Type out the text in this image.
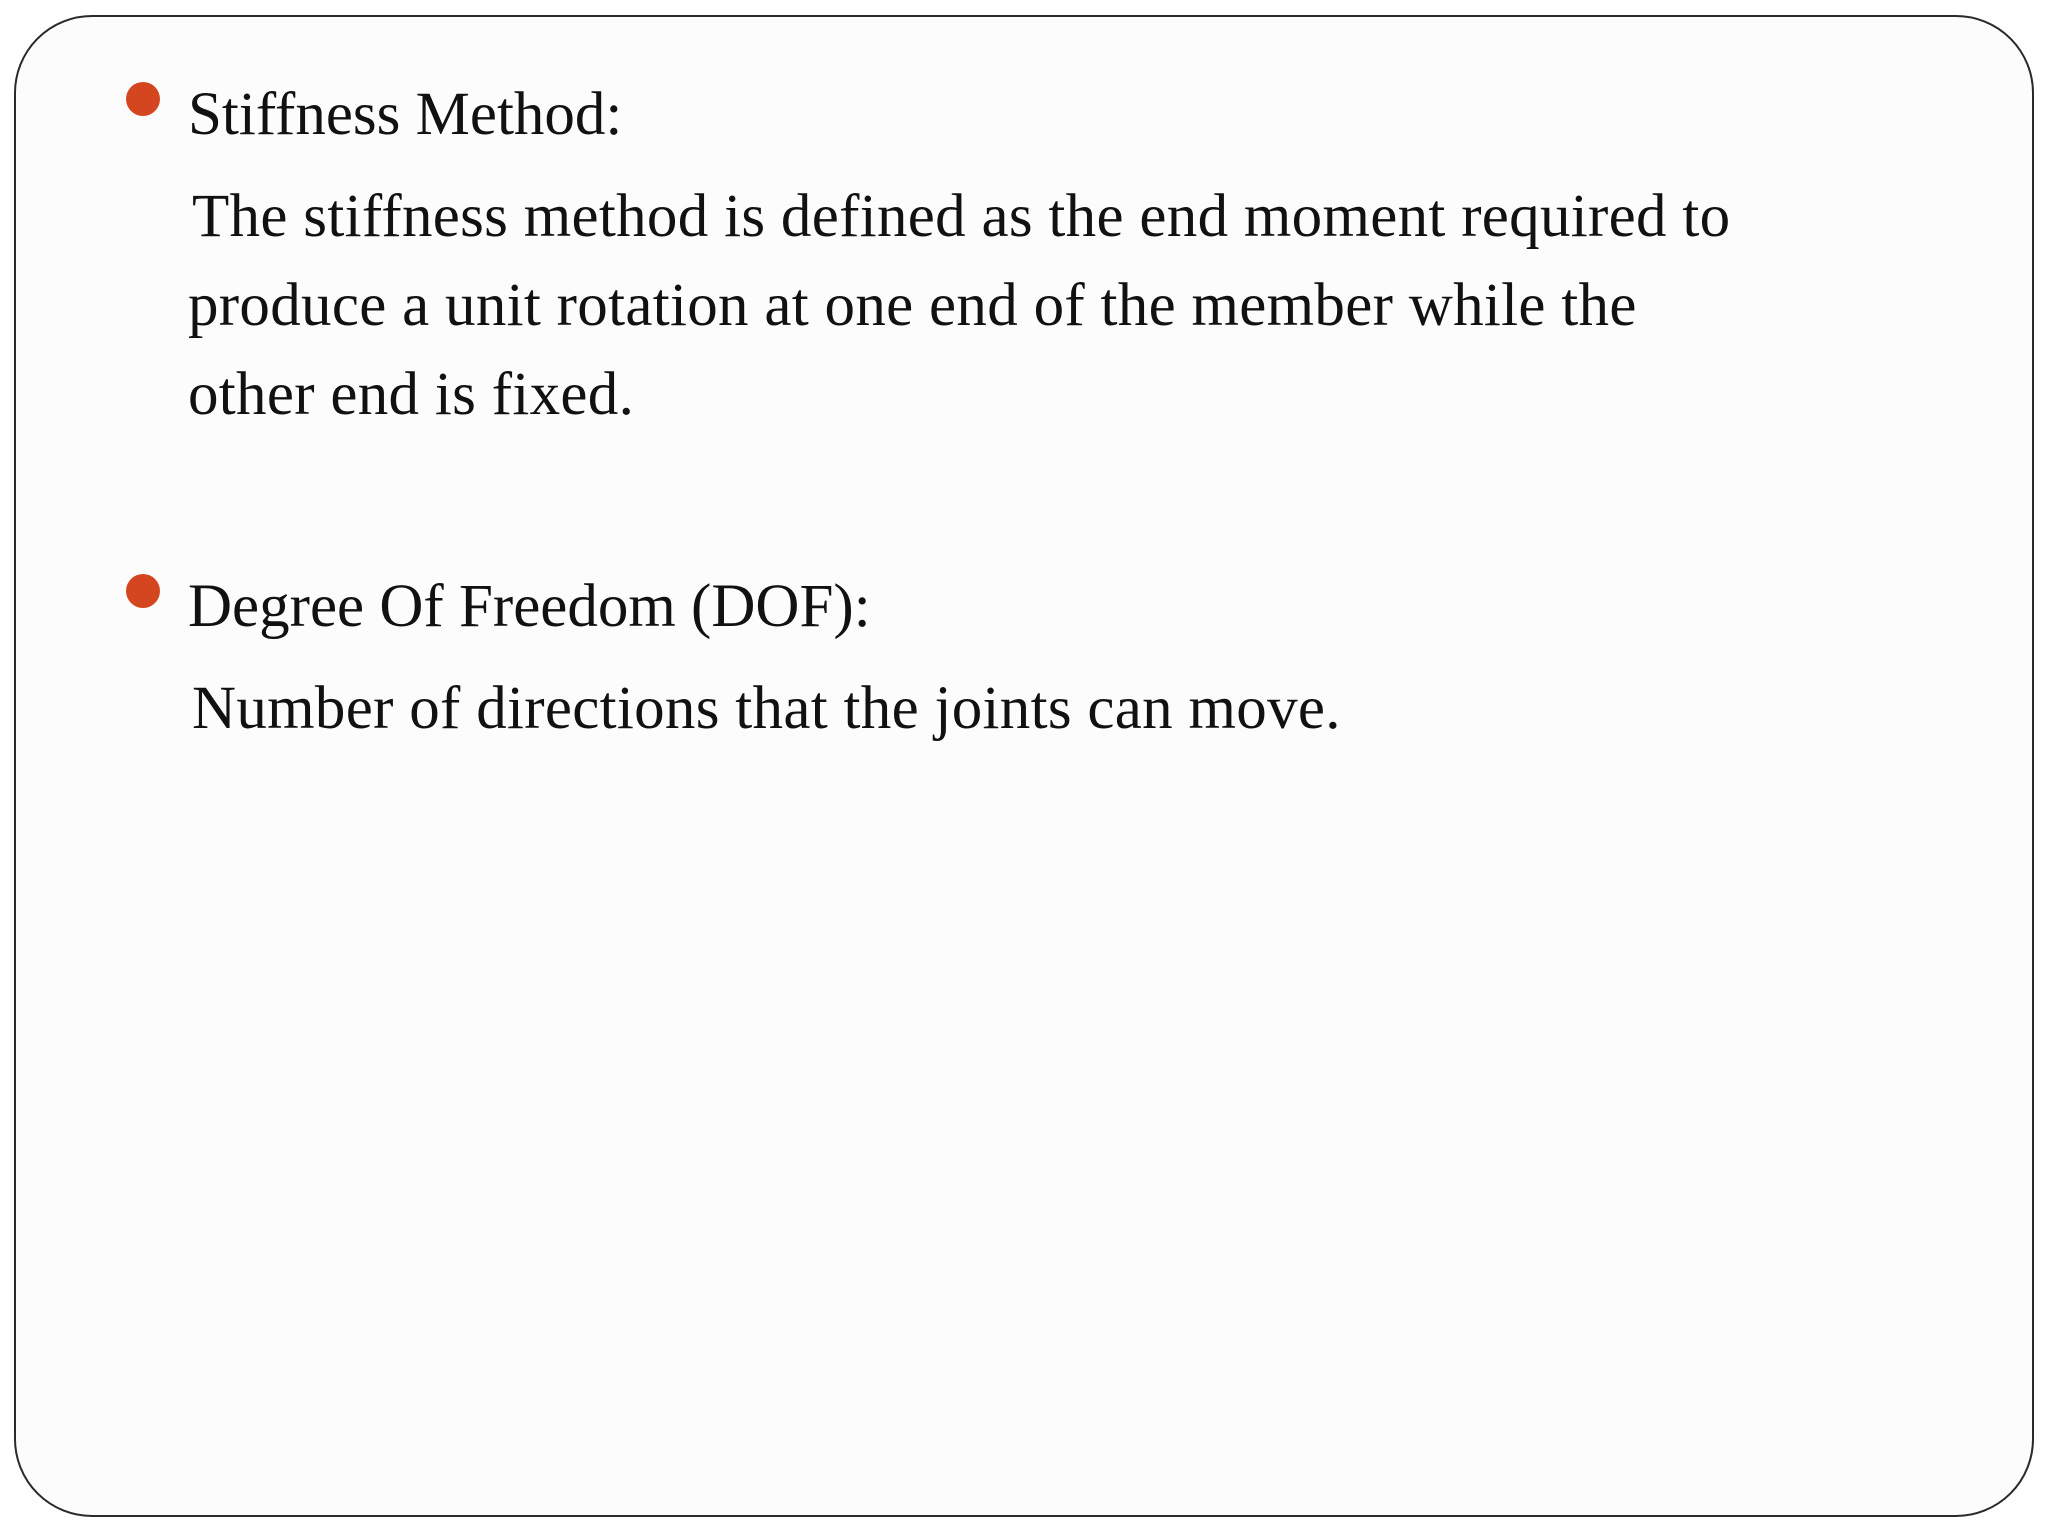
Stiffness Method:
The stiffness method is defined as the end moment required to
produce a unit rotation at one end of the member while the
other end is fixed.
Degree Of Freedom (DOF):
Number of directions that the joints can move.
